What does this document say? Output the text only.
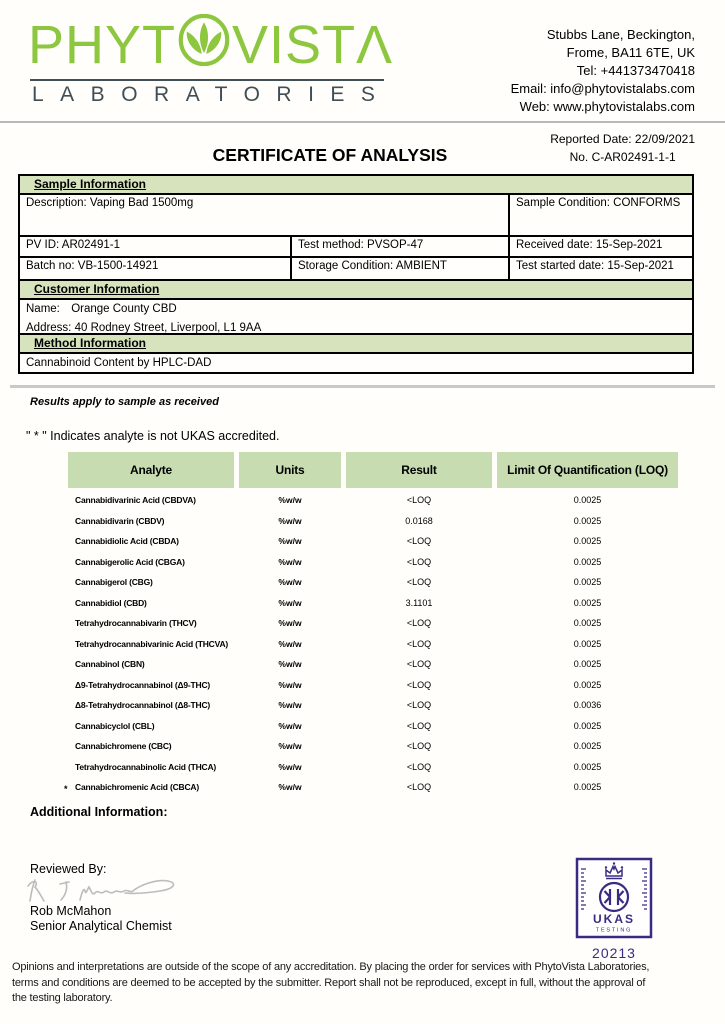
PHYT VISTΛ
LABORATORIES
Stubbs Lane, Beckington,
Frome, BA11 6TE, UK
Tel: +441373470418
Email: info@phytovistalabs.com
Web: www.phytovistalabs.com
CERTIFICATE OF ANALYSIS
Reported Date: 22/09/2021
No. C-AR02491-1-1
Sample Information
Description: Vaping Bad 1500mg	Sample Condition: CONFORMS
PV ID: AR02491-1	Test method: PVSOP-47	Received date: 15-Sep-2021
Batch no: VB-1500-14921	Storage Condition: AMBIENT	Test started date: 15-Sep-2021
Customer Information
Name: Orange County CBD
Address: 40 Rodney Street, Liverpool, L1 9AA
Method Information
Cannabinoid Content by HPLC-DAD
Results apply to sample as received
" * " Indicates analyte is not UKAS accredited.
Analyte	Units	Result	Limit Of Quantification (LOQ)
Cannabidivarinic Acid (CBDVA)	%w/w	<LOQ	0.0025
Cannabidivarin (CBDV)	%w/w	0.0168	0.0025
Cannabidiolic Acid (CBDA)	%w/w	<LOQ	0.0025
Cannabigerolic Acid (CBGA)	%w/w	<LOQ	0.0025
Cannabigerol (CBG)	%w/w	<LOQ	0.0025
Cannabidiol (CBD)	%w/w	3.1101	0.0025
Tetrahydrocannabivarin (THCV)	%w/w	<LOQ	0.0025
Tetrahydrocannabivarinic Acid (THCVA)	%w/w	<LOQ	0.0025
Cannabinol (CBN)	%w/w	<LOQ	0.0025
Δ9-Tetrahydrocannabinol (Δ9-THC)	%w/w	<LOQ	0.0025
Δ8-Tetrahydrocannabinol (Δ8-THC)	%w/w	<LOQ	0.0036
Cannabicyclol (CBL)	%w/w	<LOQ	0.0025
Cannabichromene (CBC)	%w/w	<LOQ	0.0025
Tetrahydrocannabinolic Acid (THCA)	%w/w	<LOQ	0.0025
* Cannabichromenic Acid (CBCA)	%w/w	<LOQ	0.0025
Additional Information:
Reviewed By:
Rob McMahon
Senior Analytical Chemist	UKAS
TESTING
20213
Opinions and interpretations are outside of the scope of any accreditation. By placing the order for services with PhytoVista Laboratories,
terms and conditions are deemed to be accepted by the submitter. Report shall not be reproduced, except in full, without the approval of
the testing laboratory.
